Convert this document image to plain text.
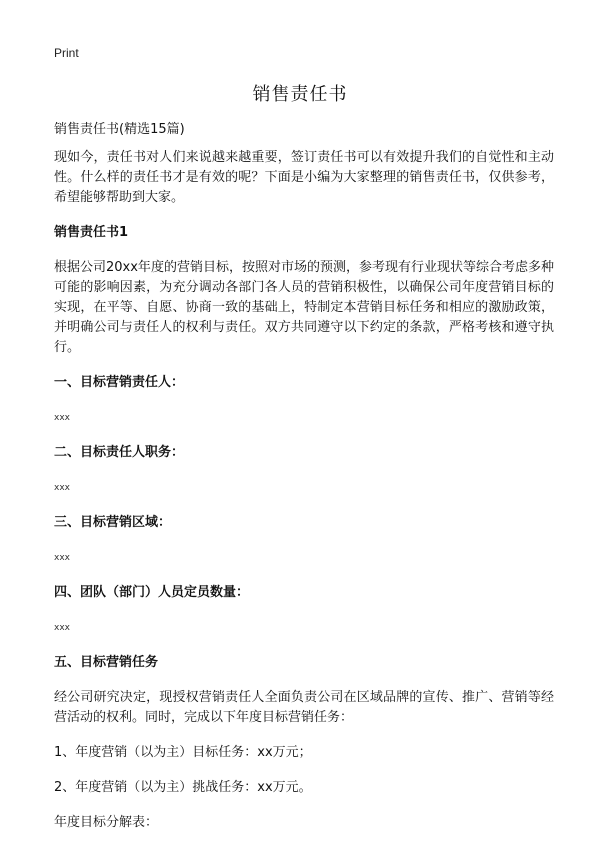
Print
销售责任书

销售责任书(精选15篇)

现如今，责任书对人们来说越来越重要，签订责任书可以有效提升我们的自觉性和主动性。什么样的责任书才是有效的呢？下面是小编为大家整理的销售责任书，仅供参考，希望能够帮助到大家。

销售责任书1

根据公司20xx年度的营销目标，按照对市场的预测，参考现有行业现状等综合考虑多种可能的影响因素，为充分调动各部门各人员的营销积极性，以确保公司年度营销目标的实现，在平等、自愿、协商一致的基础上，特制定本营销目标任务和相应的激励政策，并明确公司与责任人的权利与责任。双方共同遵守以下约定的条款，严格考核和遵守执行。

一、目标营销责任人：

xxx

二、目标责任人职务：

xxx

三、目标营销区域：

xxx

四、团队（部门）人员定员数量：

xxx

五、目标营销任务

经公司研究决定，现授权营销责任人全面负责公司在区域品牌的宣传、推广、营销等经营活动的权利。同时，完成以下年度目标营销任务：

1、年度营销（以为主）目标任务：xx万元；

2、年度营销（以为主）挑战任务：xx万元。

年度目标分解表：
